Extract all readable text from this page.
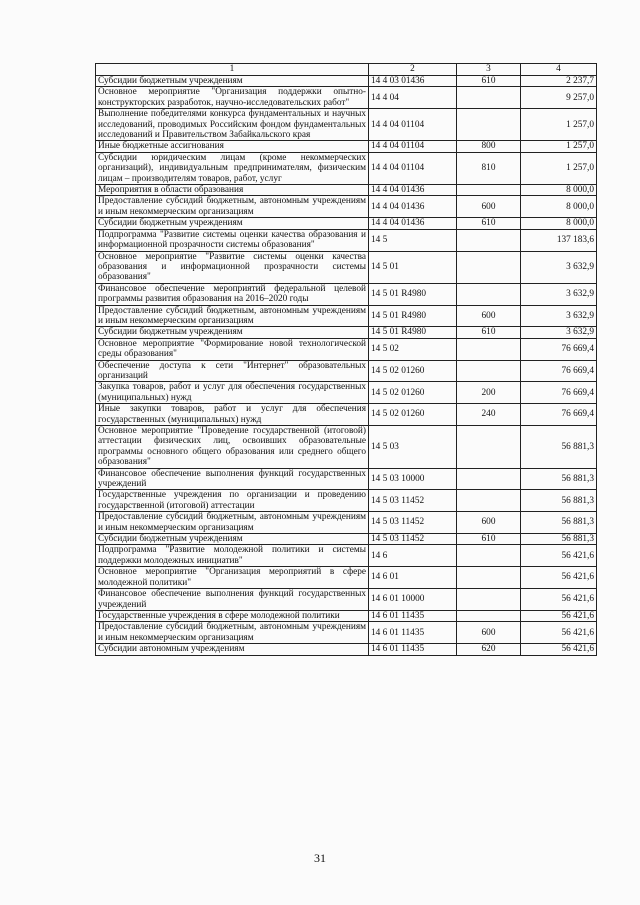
1	2	3	4
Субсидии бюджетным учреждениям	14 4 03 01436	610	2 237,7
Основное мероприятие "Организация поддержки опытно-конструкторских разработок, научно-исследовательских работ"	14 4 04		9 257,0
Выполнение победителями конкурса фундаментальных и научных исследований, проводимых Российским фондом фундаментальных исследований и Правительством Забайкальского края	14 4 04 01104		1 257,0
Иные бюджетные ассигнования	14 4 04 01104	800	1 257,0
Субсидии юридическим лицам (кроме некоммерческих организаций), индивидуальным предпринимателям, физическим лицам – производителям товаров, работ, услуг	14 4 04 01104	810	1 257,0
Мероприятия в области образования	14 4 04 01436		8 000,0
Предоставление субсидий бюджетным, автономным учреждениям и иным некоммерческим организациям	14 4 04 01436	600	8 000,0
Субсидии бюджетным учреждениям	14 4 04 01436	610	8 000,0
Подпрограмма "Развитие системы оценки качества образования и информационной прозрачности системы образования"	14 5		137 183,6
Основное мероприятие "Развитие системы оценки качества образования и информационной прозрачности системы образования"	14 5 01		3 632,9
Финансовое обеспечение мероприятий федеральной целевой программы развития образования на 2016–2020 годы	14 5 01 R4980		3 632,9
Предоставление субсидий бюджетным, автономным учреждениям и иным некоммерческим организациям	14 5 01 R4980	600	3 632,9
Субсидии бюджетным учреждениям	14 5 01 R4980	610	3 632,9
Основное мероприятие "Формирование новой технологической среды образования"	14 5 02		76 669,4
Обеспечение доступа к сети "Интернет" образовательных организаций	14 5 02 01260		76 669,4
Закупка товаров, работ и услуг для обеспечения государственных (муниципальных) нужд	14 5 02 01260	200	76 669,4
Иные закупки товаров, работ и услуг для обеспечения государственных (муниципальных) нужд	14 5 02 01260	240	76 669,4
Основное мероприятие "Проведение государственной (итоговой) аттестации физических лиц, освоивших образовательные программы основного общего образования или среднего общего образования"	14 5 03		56 881,3
Финансовое обеспечение выполнения функций государственных учреждений	14 5 03 10000		56 881,3
Государственные учреждения по организации и проведению государственной (итоговой) аттестации	14 5 03 11452		56 881,3
Предоставление субсидий бюджетным, автономным учреждениям и иным некоммерческим организациям	14 5 03 11452	600	56 881,3
Субсидии бюджетным учреждениям	14 5 03 11452	610	56 881,3
Подпрограмма "Развитие молодежной политики и системы поддержки молодежных инициатив"	14 6		56 421,6
Основное мероприятие "Организация мероприятий в сфере молодежной политики"	14 6 01		56 421,6
Финансовое обеспечение выполнения функций государственных учреждений	14 6 01 10000		56 421,6
Государственные учреждения в сфере молодежной политики	14 6 01 11435		56 421,6
Предоставление субсидий бюджетным, автономным учреждениям и иным некоммерческим организациям	14 6 01 11435	600	56 421,6
Субсидии автономным учреждениям	14 6 01 11435	620	56 421,6
31
